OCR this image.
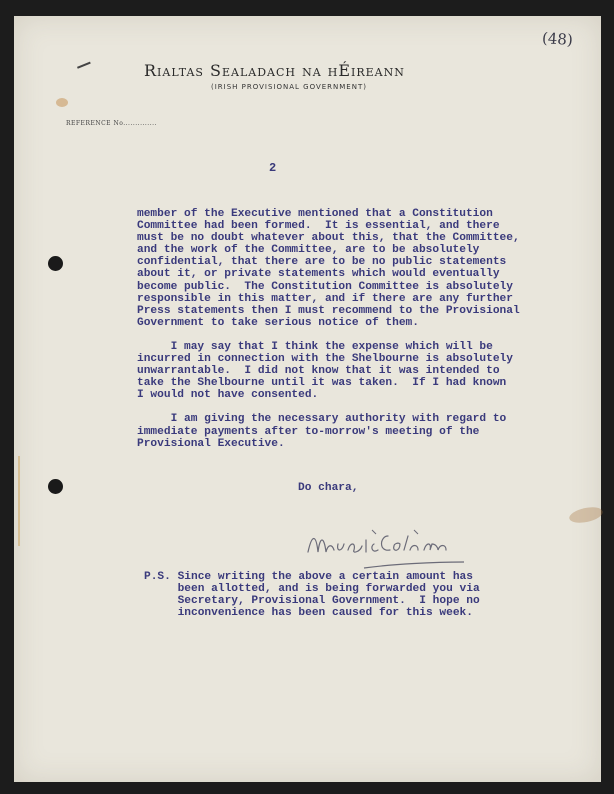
(48)
Rialtas Sealadach na hÉireann
(IRISH PROVISIONAL GOVERNMENT)
REFERENCE No..............
2
member of the Executive mentioned that a Constitution
Committee had been formed.  It is essential, and there
must be no doubt whatever about this, that the Committee,
and the work of the Committee, are to be absolutely
confidential, that there are to be no public statements
about it, or private statements which would eventually
become public.  The Constitution Committee is absolutely
responsible in this matter, and if there are any further
Press statements then I must recommend to the Provisional
Government to take serious notice of them.
I may say that I think the expense which will be
incurred in connection with the Shelbourne is absolutely
unwarrantable.  I did not know that it was intended to
take the Shelbourne until it was taken.  If I had known
I would not have consented.
I am giving the necessary authority with regard to
immediate payments after to-morrow's meeting of the
Provisional Executive.
Do chara,
P.S. Since writing the above a certain amount has
been allotted, and is being forwarded you via
Secretary, Provisional Government.  I hope no
inconvenience has been caused for this week.
